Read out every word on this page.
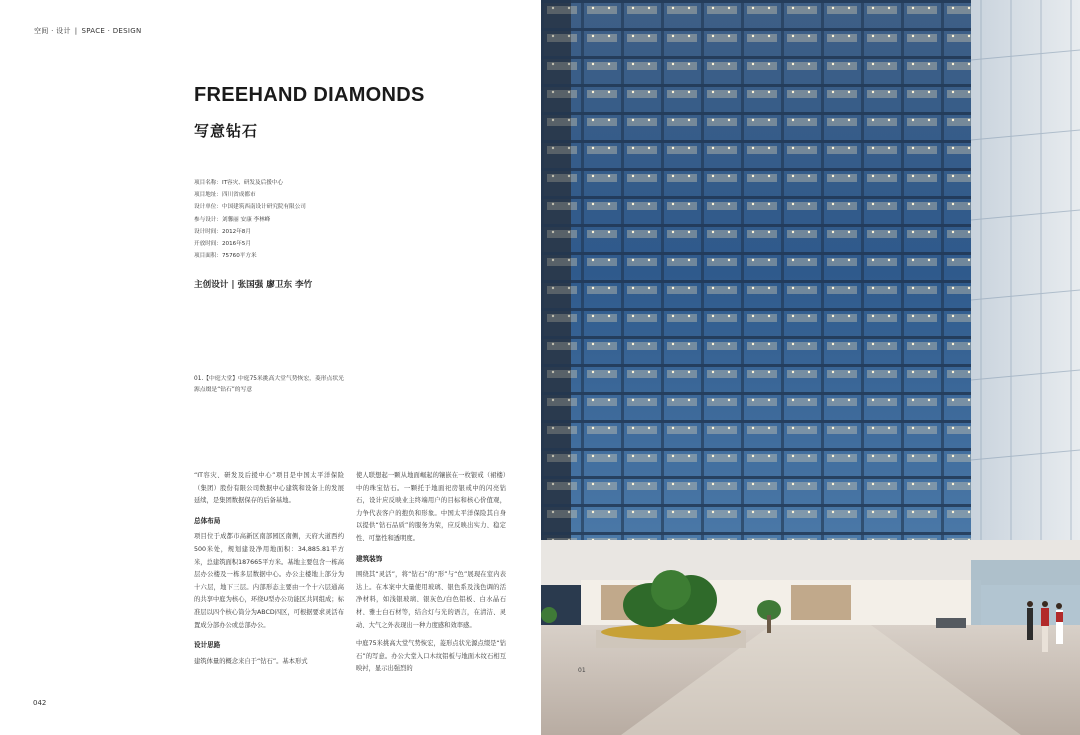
空间 · 设计 | SPACE · DESIGN
FREEHAND DIAMONDS
写意钻石
项目名称：IT容灾、研发及后援中心
项目地址：四川省成都市
设计单位：中国建筑西南设计研究院有限公司
参与设计：刘馨丽 安康 李林峰
设计时间：2012年8月
开放时间：2016年5月
项目面积：75760平方米
主创设计 | 张国强 廖卫东 李竹
01.【中庭大堂】中庭75米挑高大堂气势恢宏，菱形点状光源点缀是“钻石”的写意

“IT容灾、研发及后援中心”项目是中国太平洋保险（集团）股份有限公司数据中心建筑和设备上的发展延续，是集团数据保存的后备基地。

总体布局

项目位于成都市高新区南部园区南侧，天府大道西约500米处，规划建设净用地面积：34,885.81平方米，总建筑面积187665平方米。基地主要包含一栋高层办公楼及一栋多层数据中心。办公主楼地上部分为十六层，地下三层。内部形态主要由一个十六层通高的共享中庭为核心，环绕U型办公功能区共同组成；标准层以四个核心筒分为ABCD四区，可根据要求灵活布置成分部办公或总部办公。

设计思路

建筑体量的概念来自于“钻石”。基本形式

使人联想起一颗从地面崛起的镶嵌在一枚银戒（裙楼）中的珠宝钻石。一颗托于地面祀房银戒中的闪亮钻石，设计应反映业主终端用户的目标和核心价值观，力争代表客户的抱负和形象。中国太平洋保险其自身以提供“钻石品质”的服务为荣，应反映出实力、稳定性、可靠性和透明度。

建筑装饰

围绕其“灵活”，将“钻石”的“形”与“色”展现在室内表达上。在本案中大量使用玻璃、银色系及浅色调的活净材料，如浅银玻璃、银灰色/白色铝板、白水晶石材、雅士白石材等，结合灯与光的语言，在清洁、灵动、大气之外表现出一种力度感和效率感。

中庭75米挑高大堂气势恢宏，菱形点状光源点缀是“钻石”的写意。办公大堂入口木纹铝板与地面木纹石相互映衬，显示出强烈的

042
01
